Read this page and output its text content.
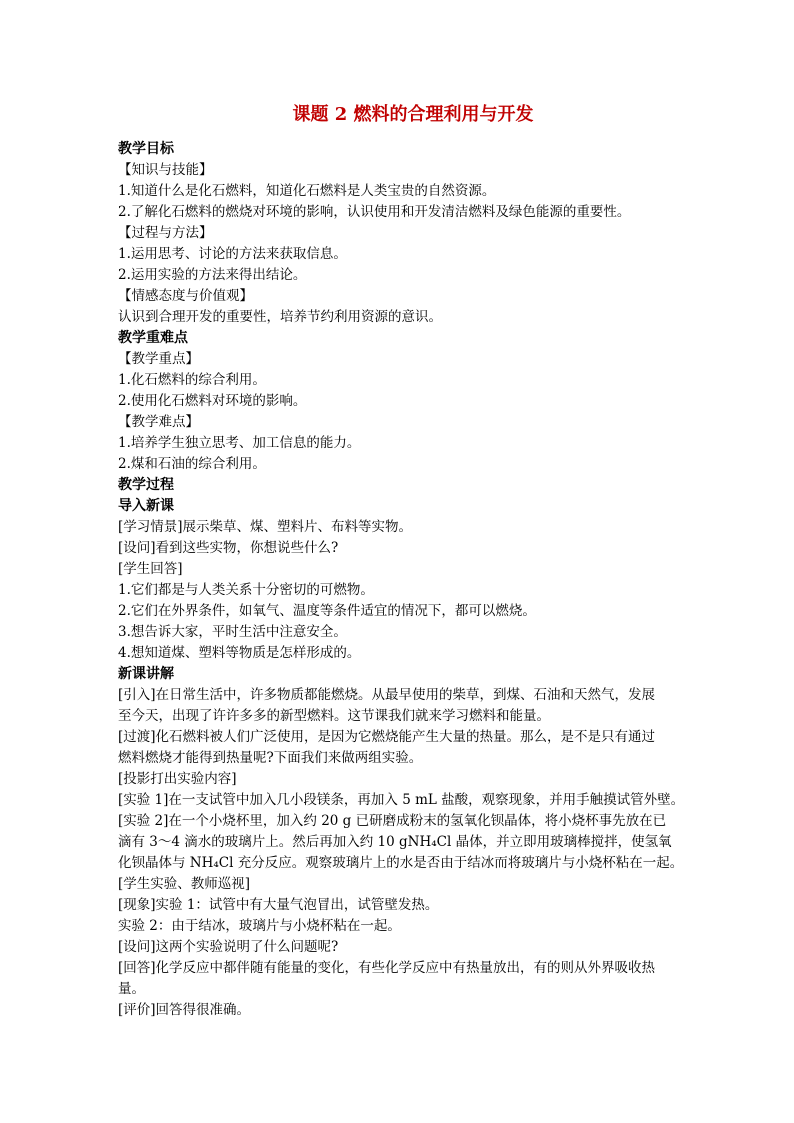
课题 2 燃料的合理利用与开发
教学目标
【知识与技能】
1.知道什么是化石燃料，知道化石燃料是人类宝贵的自然资源。
2.了解化石燃料的燃烧对环境的影响，认识使用和开发清洁燃料及绿色能源的重要性。
【过程与方法】
1.运用思考、讨论的方法来获取信息。
2.运用实验的方法来得出结论。
【情感态度与价值观】
认识到合理开发的重要性，培养节约利用资源的意识。
教学重难点
【教学重点】
1.化石燃料的综合利用。
2.使用化石燃料对环境的影响。
【教学难点】
1.培养学生独立思考、加工信息的能力。
2.煤和石油的综合利用。
教学过程
导入新课
[学习情景]展示柴草、煤、塑料片、布料等实物。
[设问]看到这些实物，你想说些什么?
[学生回答]
1.它们都是与人类关系十分密切的可燃物。
2.它们在外界条件，如氧气、温度等条件适宜的情况下，都可以燃烧。
3.想告诉大家，平时生活中注意安全。
4.想知道煤、塑料等物质是怎样形成的。
新课讲解
[引入]在日常生活中，许多物质都能燃烧。从最早使用的柴草，到煤、石油和天然气，发展
至今天，出现了许许多多的新型燃料。这节课我们就来学习燃料和能量。
[过渡]化石燃料被人们广泛使用，是因为它燃烧能产生大量的热量。那么，是不是只有通过
燃料燃烧才能得到热量呢?下面我们来做两组实验。
[投影打出实验内容]
[实验 1]在一支试管中加入几小段镁条，再加入 5 mL 盐酸，观察现象，并用手触摸试管外壁。
[实验 2]在一个小烧杯里，加入约 20 g 已研磨成粉末的氢氧化钡晶体，将小烧杯事先放在已
滴有 3～4 滴水的玻璃片上。然后再加入约 10 gNH₄Cl 晶体，并立即用玻璃棒搅拌，使氢氧
化钡晶体与 NH₄Cl 充分反应。观察玻璃片上的水是否由于结冰而将玻璃片与小烧杯粘在一起。
[学生实验、教师巡视]
[现象]实验 1：试管中有大量气泡冒出，试管壁发热。
实验 2：由于结冰，玻璃片与小烧杯粘在一起。
[设问]这两个实验说明了什么问题呢?
[回答]化学反应中都伴随有能量的变化，有些化学反应中有热量放出，有的则从外界吸收热
量。
[评价]回答得很准确。
